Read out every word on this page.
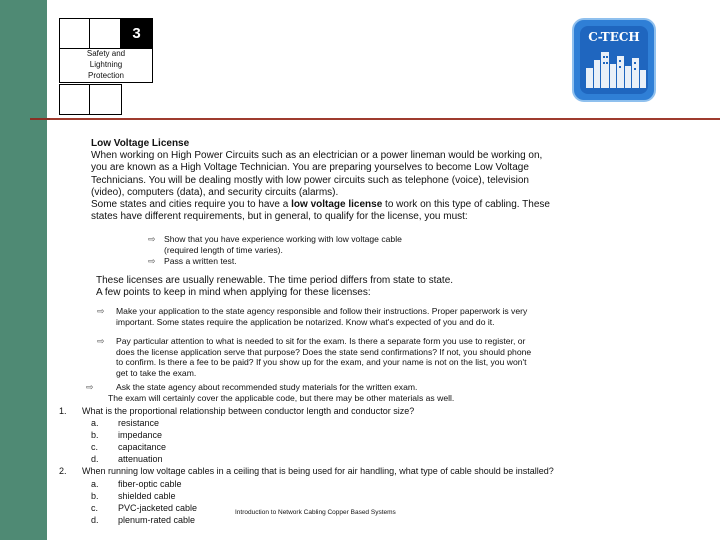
3
Safety and
Lightning
Protection
C-TECH
Low Voltage License
When working on High Power Circuits such as an electrician or a power lineman would be working on,
you are known as a High Voltage Technician. You are preparing yourselves to become Low Voltage
Technicians. You will be dealing mostly with low power circuits such as telephone (voice), television
(video), computers (data), and security circuits (alarms).
Some states and cities require you to have a low voltage license to work on this type of cabling. These
states have different requirements, but in general, to qualify for the license, you must:
⇨ Show that you have experience working with low voltage cable
(required length of time varies).
⇨ Pass a written test.
These licenses are usually renewable. The time period differs from state to state.
A few points to keep in mind when applying for these licenses:
⇨ Make your application to the state agency responsible and follow their instructions. Proper paperwork is very
important. Some states require the application be notarized. Know what's expected of you and do it.
⇨ Pay particular attention to what is needed to sit for the exam. Is there a separate form you use to register, or
does the license application serve that purpose? Does the state send confirmations? If not, you should phone
to confirm. Is there a fee to be paid? If you show up for the exam, and your name is not on the list, you won't
get to take the exam.
⇨	Ask the state agency about recommended study materials for the written exam.
The exam will certainly cover the applicable code, but there may be other materials as well.
1. What is the proportional relationship between conductor length and conductor size?
a. resistance
b. impedance
c. capacitance
d. attenuation
2. When running low voltage cables in a ceiling that is being used for air handling, what type of cable should be installed?
a. fiber-optic cable
b. shielded cable
c. PVC-jacketed cable
d. plenum-rated cable
Introduction to Network Cabling Copper Based Systems
